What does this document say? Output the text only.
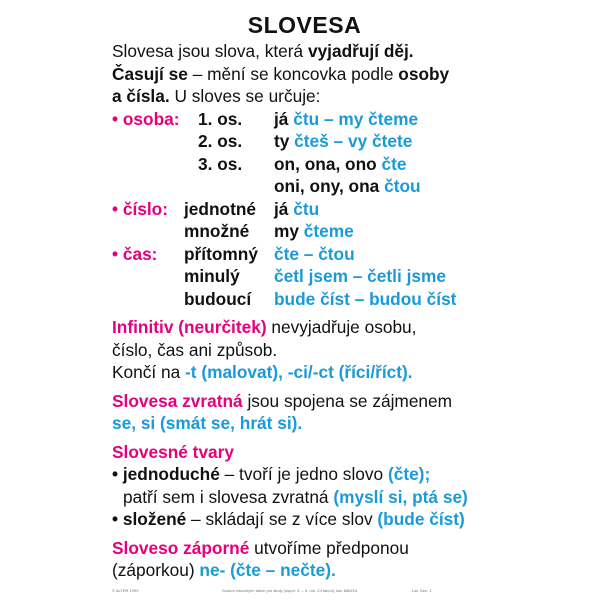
SLOVESA
Slovesa jsou slova, která vyjadřují děj.
Časují se – mění se koncovka podle osoby
a čísla. U sloves se určuje:
• osoba: 1. os. já čtu – my čteme
2. os. ty čteš – vy čtete
3. os. on, ona, ono čte
oni, ony, ona čtou
• číslo: jednotné já čtu
množné my čteme
• čas: přítomný čte – čtou
minulý četl jsem – četli jsme
budoucí bude číst – budou číst
Infinitiv (neurčitek) nevyjadřuje osobu,
číslo, čas ani způsob.
Končí na -t (malovat), -ci/-ct (říci/říct).
Slovesa zvratná jsou spojena se zájmenem
se, si (smát se, hrát si).
Slovesné tvary
• jednoduché – tvoří je jedno slovo (čte);
patří sem i slovesa zvratná (myslí si, ptá se)
• složené – skládají se z více slov (bude číst)
Sloveso záporné utvoříme předponou
(záporkou) ne- (čte – nečte).
© ALTER 1999	Soubor názorných tabulí pro školy (uspoř. 4. – 5. roč. Z4 tabulí), kat. 88M/14	Lat. Gen. 1
